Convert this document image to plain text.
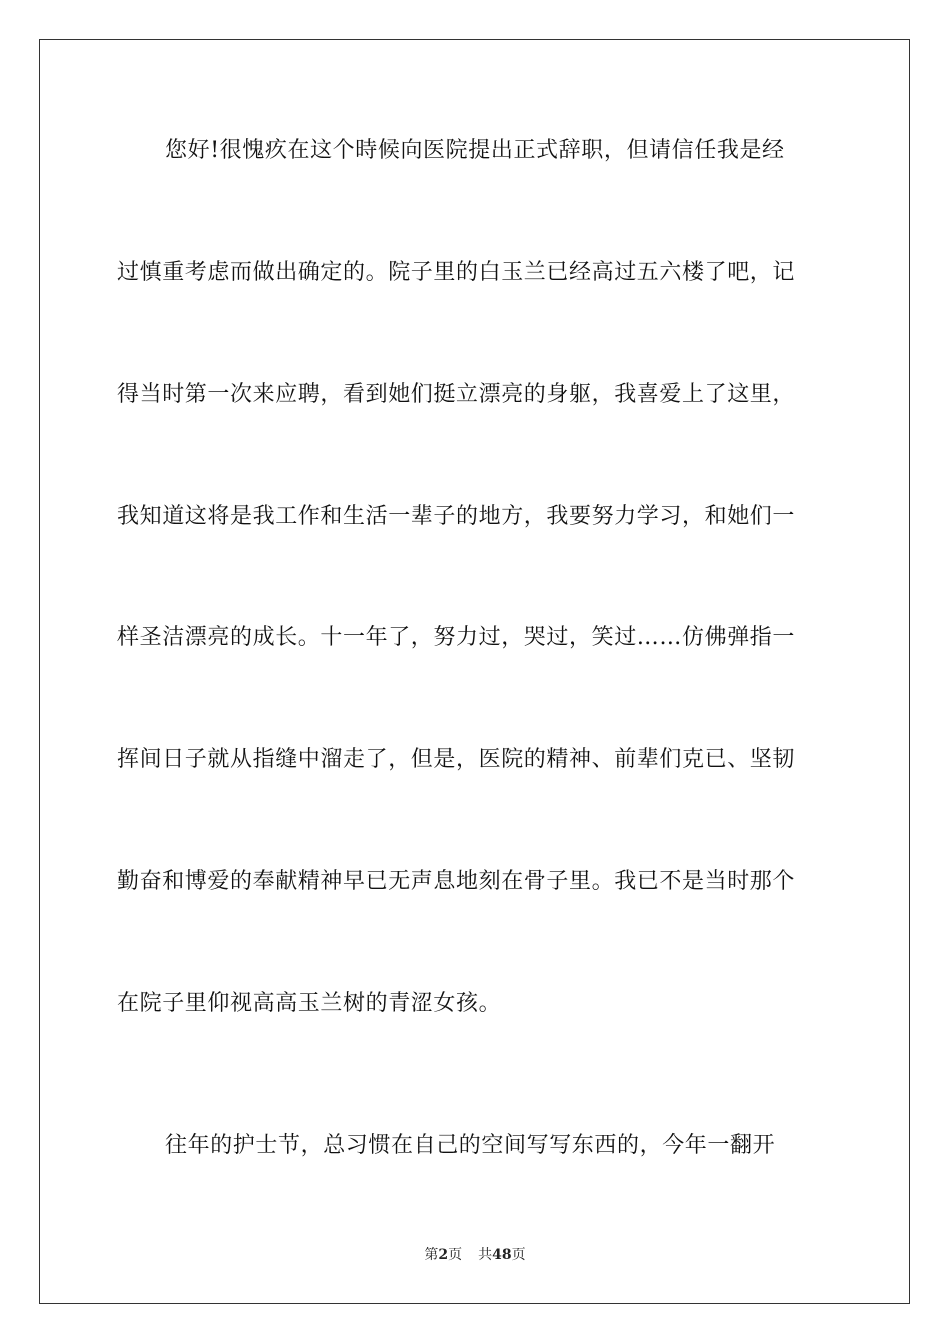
您好!很愧疚在这个時候向医院提出正式辞职，但请信任我是经
过慎重考虑而做出确定的。院子里的白玉兰已经高过五六楼了吧，记
得当时第一次来应聘，看到她们挺立漂亮的身躯，我喜爱上了这里，
我知道这将是我工作和生活一辈子的地方，我要努力学习，和她们一
样圣洁漂亮的成长。十一年了，努力过，哭过，笑过……仿佛弹指一
挥间日子就从指缝中溜走了，但是，医院的精神、前辈们克已、坚韧
勤奋和博爱的奉献精神早已无声息地刻在骨子里。我已不是当时那个
在院子里仰视高高玉兰树的青涩女孩。
往年的护士节，总习惯在自己的空间写写东西的，今年一翻开
第2页 共48页
